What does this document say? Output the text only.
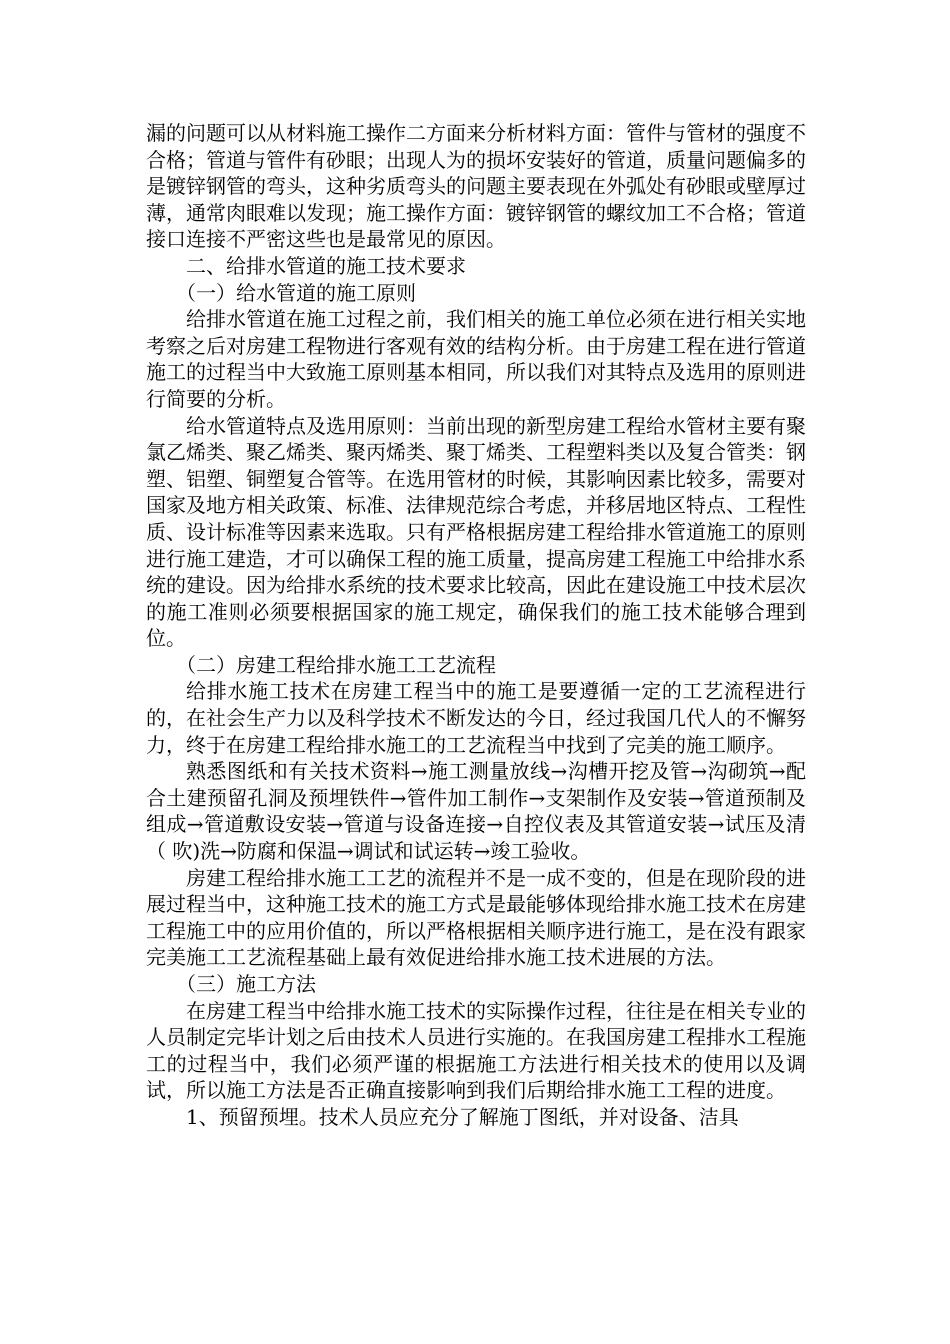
漏的问题可以从材料施工操作二方面来分析材料方面：管件与管材的强度不合格；管道与管件有砂眼；出现人为的损坏安装好的管道，质量问题偏多的是镀锌钢管的弯头，这种劣质弯头的问题主要表现在外弧处有砂眼或壁厚过薄，通常肉眼难以发现；施工操作方面：镀锌钢管的螺纹加工不合格；管道接口连接不严密这些也是最常见的原因。

二、给排水管道的施工技术要求

（一）给水管道的施工原则

给排水管道在施工过程之前，我们相关的施工单位必须在进行相关实地考察之后对房建工程物进行客观有效的结构分析。由于房建工程在进行管道施工的过程当中大致施工原则基本相同，所以我们对其特点及选用的原则进行简要的分析。

给水管道特点及选用原则：当前出现的新型房建工程给水管材主要有聚氯乙烯类、聚乙烯类、聚丙烯类、聚丁烯类、工程塑料类以及复合管类：钢塑、铝塑、铜塑复合管等。在选用管材的时候，其影响因素比较多，需要对国家及地方相关政策、标准、法律规范综合考虑，并移居地区特点、工程性质、设计标准等因素来选取。只有严格根据房建工程给排水管道施工的原则进行施工建造，才可以确保工程的施工质量，提高房建工程施工中给排水系统的建设。因为给排水系统的技术要求比较高，因此在建设施工中技术层次的施工准则必须要根据国家的施工规定，确保我们的施工技术能够合理到位。

（二）房建工程给排水施工工艺流程

给排水施工技术在房建工程当中的施工是要遵循一定的工艺流程进行的，在社会生产力以及科学技术不断发达的今日，经过我国几代人的不懈努力，终于在房建工程给排水施工的工艺流程当中找到了完美的施工顺序。

熟悉图纸和有关技术资料→施工测量放线→沟槽开挖及管→沟砌筑→配合土建预留孔洞及预埋铁件→管件加工制作→支架制作及安装→管道预制及组成→管道敷设安装→管道与设备连接→自控仪表及其管道安装→试压及清（ 吹)洗→防腐和保温→调试和试运转→竣工验收。

房建工程给排水施工工艺的流程并不是一成不变的，但是在现阶段的进展过程当中，这种施工技术的施工方式是最能够体现给排水施工技术在房建工程施工中的应用价值的，所以严格根据相关顺序进行施工，是在没有跟家完美施工工艺流程基础上最有效促进给排水施工技术进展的方法。

（三）施工方法

在房建工程当中给排水施工技术的实际操作过程，往往是在相关专业的人员制定完毕计划之后由技术人员进行实施的。在我国房建工程排水工程施工的过程当中，我们必须严谨的根据施工方法进行相关技术的使用以及调试，所以施工方法是否正确直接影响到我们后期给排水施工工程的进度。

1、预留预埋。技术人员应充分了解施丁图纸，并对设备、洁具
